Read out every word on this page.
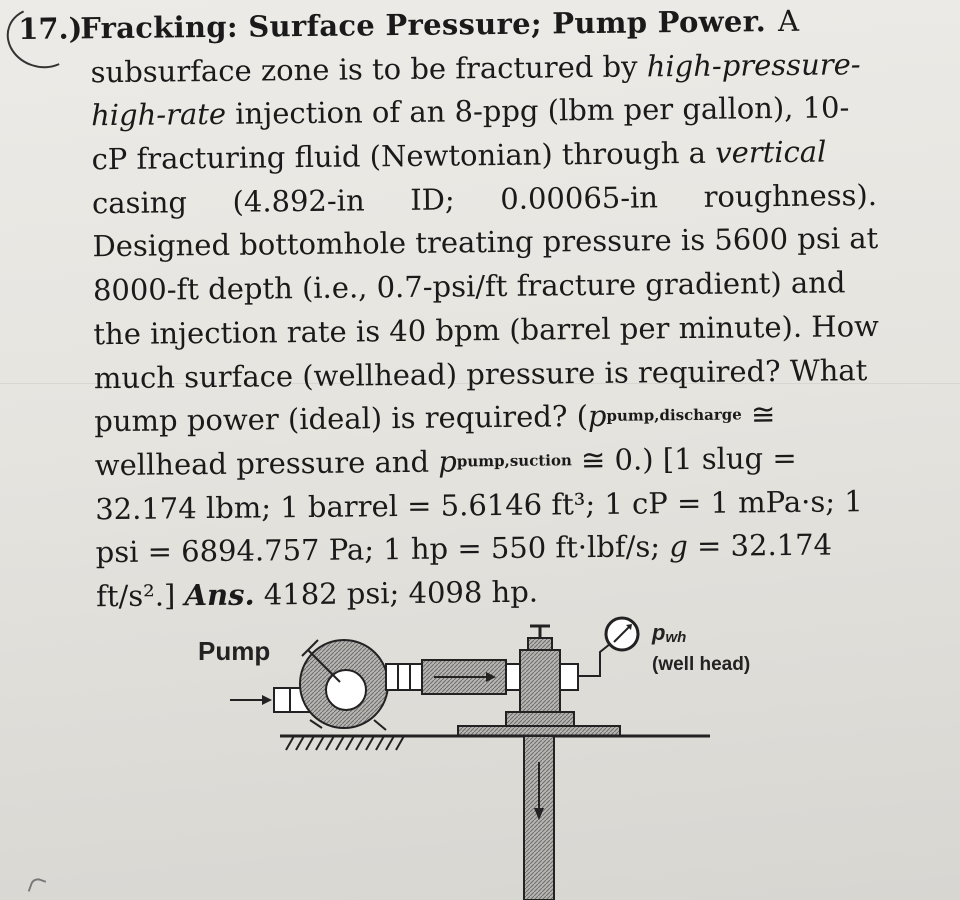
17.)
Fracking: Surface Pressure; Pump Power. A
subsurface zone is to be fractured by
high-pressure-
high-rate
injection of an 8-ppg (lbm per gallon), 10-
cP fracturing fluid (Newtonian) through a
vertical
casing (4.892-in ID; 0.00065-in roughness).
Designed bottomhole treating pressure is 5600 psi at
8000-ft depth (i.e., 0.7-psi/ft fracture gradient) and
the injection rate is 40 bpm (barrel per minute). How
much surface (wellhead) pressure is required? What
pump power (ideal) is required? ( p pump,discharge
≅
wellhead pressure and
p pump,suction
≅ 0.) [1 slug =
32.174 lbm; 1 barrel = 5.6146 ft³; 1 cP = 1 mPa·s; 1
psi = 6894.757 Pa; 1 hp = 550 ft·lbf/s;
g
= 32.174
ft/s².]
Ans.
4182 psi; 4098 hp.
Pump
pwh
(well head)
